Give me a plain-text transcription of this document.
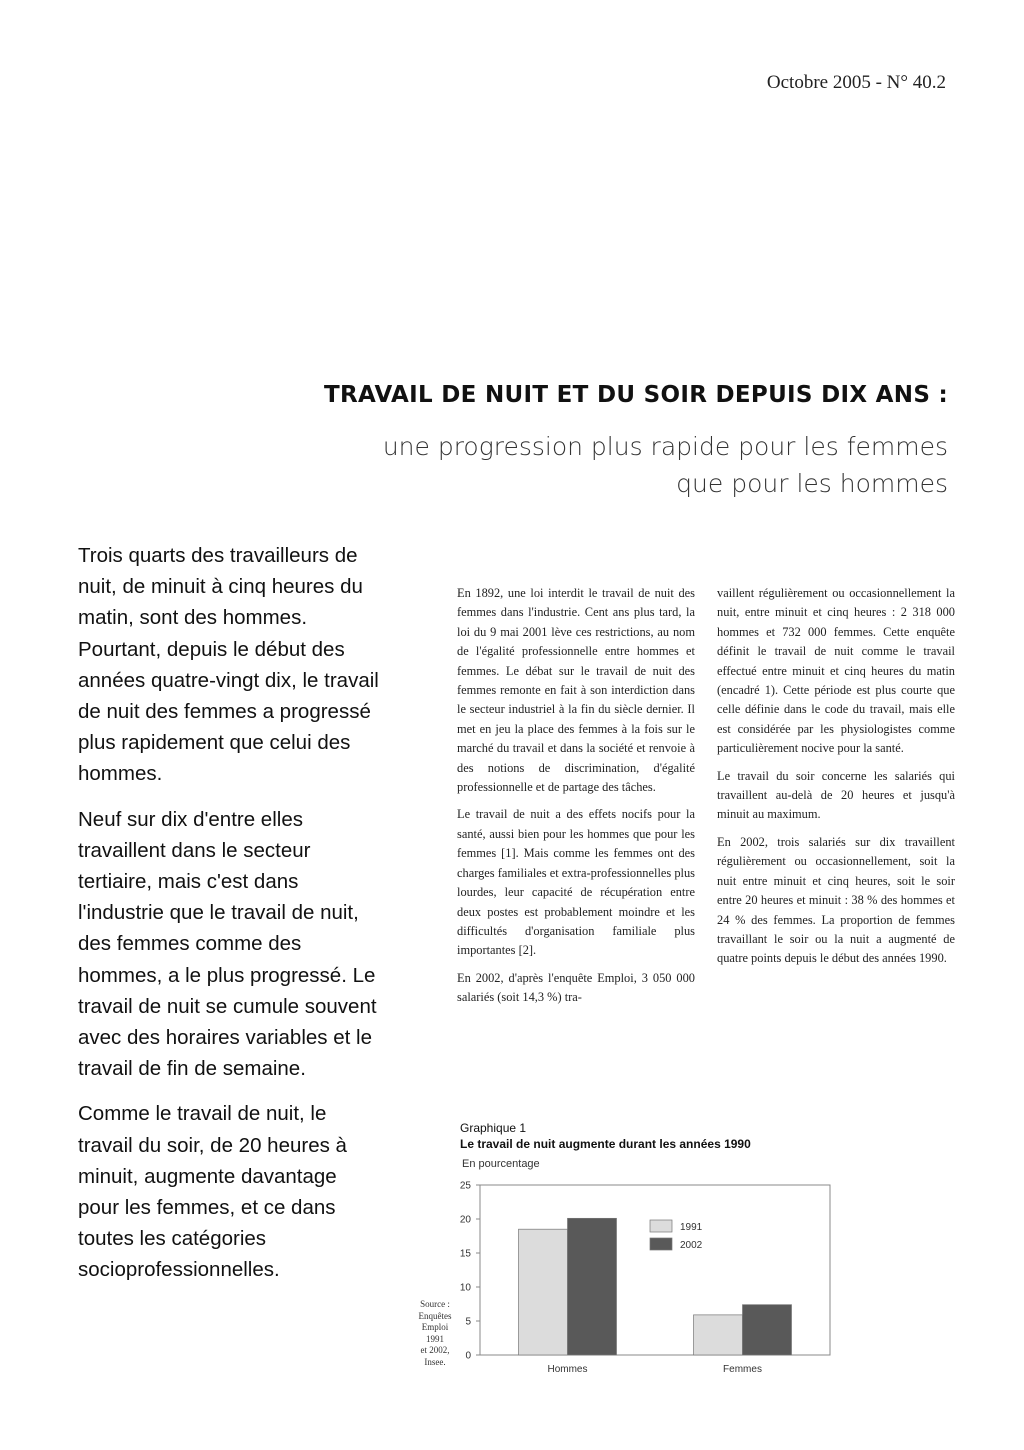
Octobre 2005 - N° 40.2
TRAVAIL DE NUIT ET DU SOIR DEPUIS DIX ANS :
une progression plus rapide pour les femmes
que pour les hommes

Trois quarts des travailleurs de nuit, de minuit à cinq heures du matin, sont des hommes. Pourtant, depuis le début des années quatre-vingt dix, le travail de nuit des femmes a progressé plus rapidement que celui des hommes.

Neuf sur dix d'entre elles travaillent dans le secteur tertiaire, mais c'est dans l'industrie que le travail de nuit, des femmes comme des hommes, a le plus progressé. Le travail de nuit se cumule souvent avec des horaires variables et le travail de fin de semaine.

Comme le travail de nuit, le travail du soir, de 20 heures à minuit, augmente davantage pour les femmes, et ce dans toutes les catégories socioprofessionnelles.

En 1892, une loi interdit le travail de nuit des femmes dans l'industrie. Cent ans plus tard, la loi du 9 mai 2001 lève ces restrictions, au nom de l'égalité professionnelle entre hommes et femmes. Le débat sur le travail de nuit des femmes remonte en fait à son interdiction dans le secteur industriel à la fin du siècle dernier. Il met en jeu la place des femmes à la fois sur le marché du travail et dans la société et renvoie à des notions de discrimination, d'égalité professionnelle et de partage des tâches.

Le travail de nuit a des effets nocifs pour la santé, aussi bien pour les hommes que pour les femmes [1]. Mais comme les femmes ont des charges familiales et extra-professionnelles plus lourdes, leur capacité de récupération entre deux postes est probablement moindre et les difficultés d'organisation familiale plus importantes [2].

En 2002, d'après l'enquête Emploi, 3 050 000 salariés (soit 14,3 %) tra-

vaillent régulièrement ou occasionnellement la nuit, entre minuit et cinq heures : 2 318 000 hommes et 732 000 femmes. Cette enquête définit le travail de nuit comme le travail effectué entre minuit et cinq heures du matin (encadré 1). Cette période est plus courte que celle définie dans le code du travail, mais elle est considérée par les physiologistes comme particulièrement nocive pour la santé.

Le travail du soir concerne les salariés qui travaillent au-delà de 20 heures et jusqu'à minuit au maximum.

En 2002, trois salariés sur dix travaillent régulièrement ou occasionnellement, soit la nuit entre minuit et cinq heures, soit le soir entre 20 heures et minuit : 38 % des hommes et 24 % des femmes. La proportion de femmes travaillant le soir ou la nuit a augmenté de quatre points depuis le début des années 1990.

Graphique 1
Le travail de nuit augmente durant les années 1990
En pourcentage
Source :
Enquêtes
Emploi
1991
et 2002,
Insee.	0
5
10
15
20
25
Hommes	Femmes
1991
2002
